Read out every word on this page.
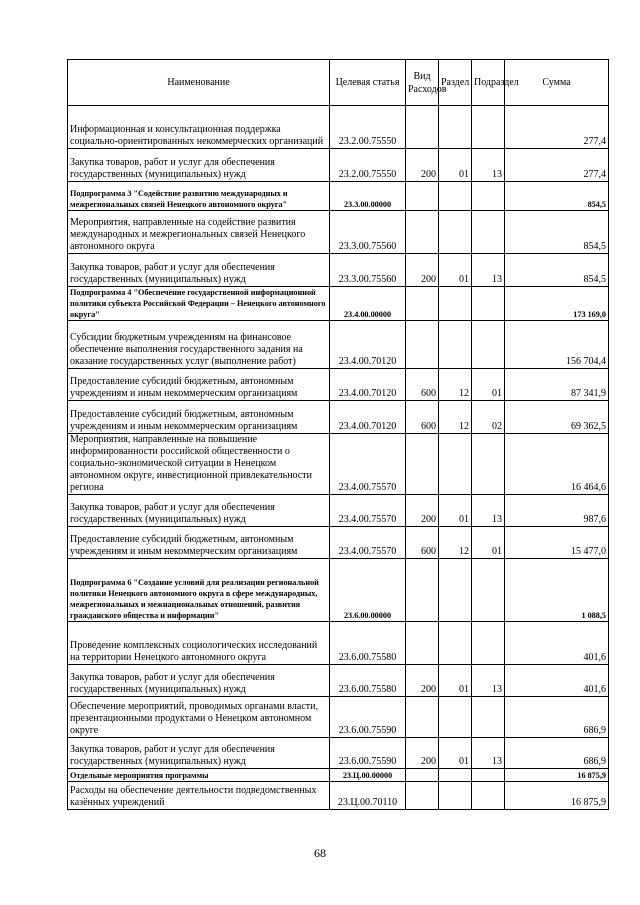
Наименование	Целевая статья	Вид Расходов	Раздел	Подраздел	Сумма
Информационная и консультационная поддержка социально-ориентированных некоммерческих организаций	23.2.00.75550				277,4
Закупка товаров, работ и услуг для обеспечения государственных (муниципальных) нужд	23.2.00.75550	200	01	13	277,4
Подпрограмма 3 "Содействие развитию международных и межрегиональных связей Ненецкого автономного округа"	23.3.00.00000				854,5
Мероприятия, направленные на содействие развития международных и межрегиональных связей Ненецкого автономного округа	23.3.00.75560				854,5
Закупка товаров, работ и услуг для обеспечения государственных (муниципальных) нужд	23.3.00.75560	200	01	13	854,5
Подпрограмма 4 "Обеспечение государственной информационной политики субъекта Российской Федерации – Ненецкого автономного округа"	23.4.00.00000				173 169,0
Субсидии бюджетным учреждениям на финансовое обеспечение выполнения государственного задания на оказание государственных услуг (выполнение работ)	23.4.00.70120				156 704,4
Предоставление субсидий бюджетным, автономным учреждениям и иным некоммерческим организациям	23.4.00.70120	600	12	01	87 341,9
Предоставление субсидий бюджетным, автономным учреждениям и иным некоммерческим организациям	23.4.00.70120	600	12	02	69 362,5
Мероприятия, направленные на повышение информированности российской общественности о социально-экономической ситуации в Ненецком автономном округе, инвестиционной привлекательности региона	23.4.00.75570				16 464,6
Закупка товаров, работ и услуг для обеспечения государственных (муниципальных) нужд	23.4.00.75570	200	01	13	987,6
Предоставление субсидий бюджетным, автономным учреждениям и иным некоммерческим организациям	23.4.00.75570	600	12	01	15 477,0
Подпрограмма 6 "Создание условий для реализации региональной политики Ненецкого автономного округа в сфере международных, межрегиональных и межнациональных отношений, развития гражданского общества и информации"	23.6.00.00000				1 088,5
Проведение комплексных социологических исследований на территории Ненецкого автономного округа	23.6.00.75580				401,6
Закупка товаров, работ и услуг для обеспечения государственных (муниципальных) нужд	23.6.00.75580	200	01	13	401,6
Обеспечение мероприятий, проводимых органами власти, презентационными продуктами о Ненецком автономном округе	23.6.00.75590				686,9
Закупка товаров, работ и услуг для обеспечения государственных (муниципальных) нужд	23.6.00.75590	200	01	13	686,9
Отдельные мероприятия программы	23.Ц.00.00000				16 875,9
Расходы на обеспечение деятельности подведомственных казённых учреждений	23.Ц.00.70110				16 875,9
68
